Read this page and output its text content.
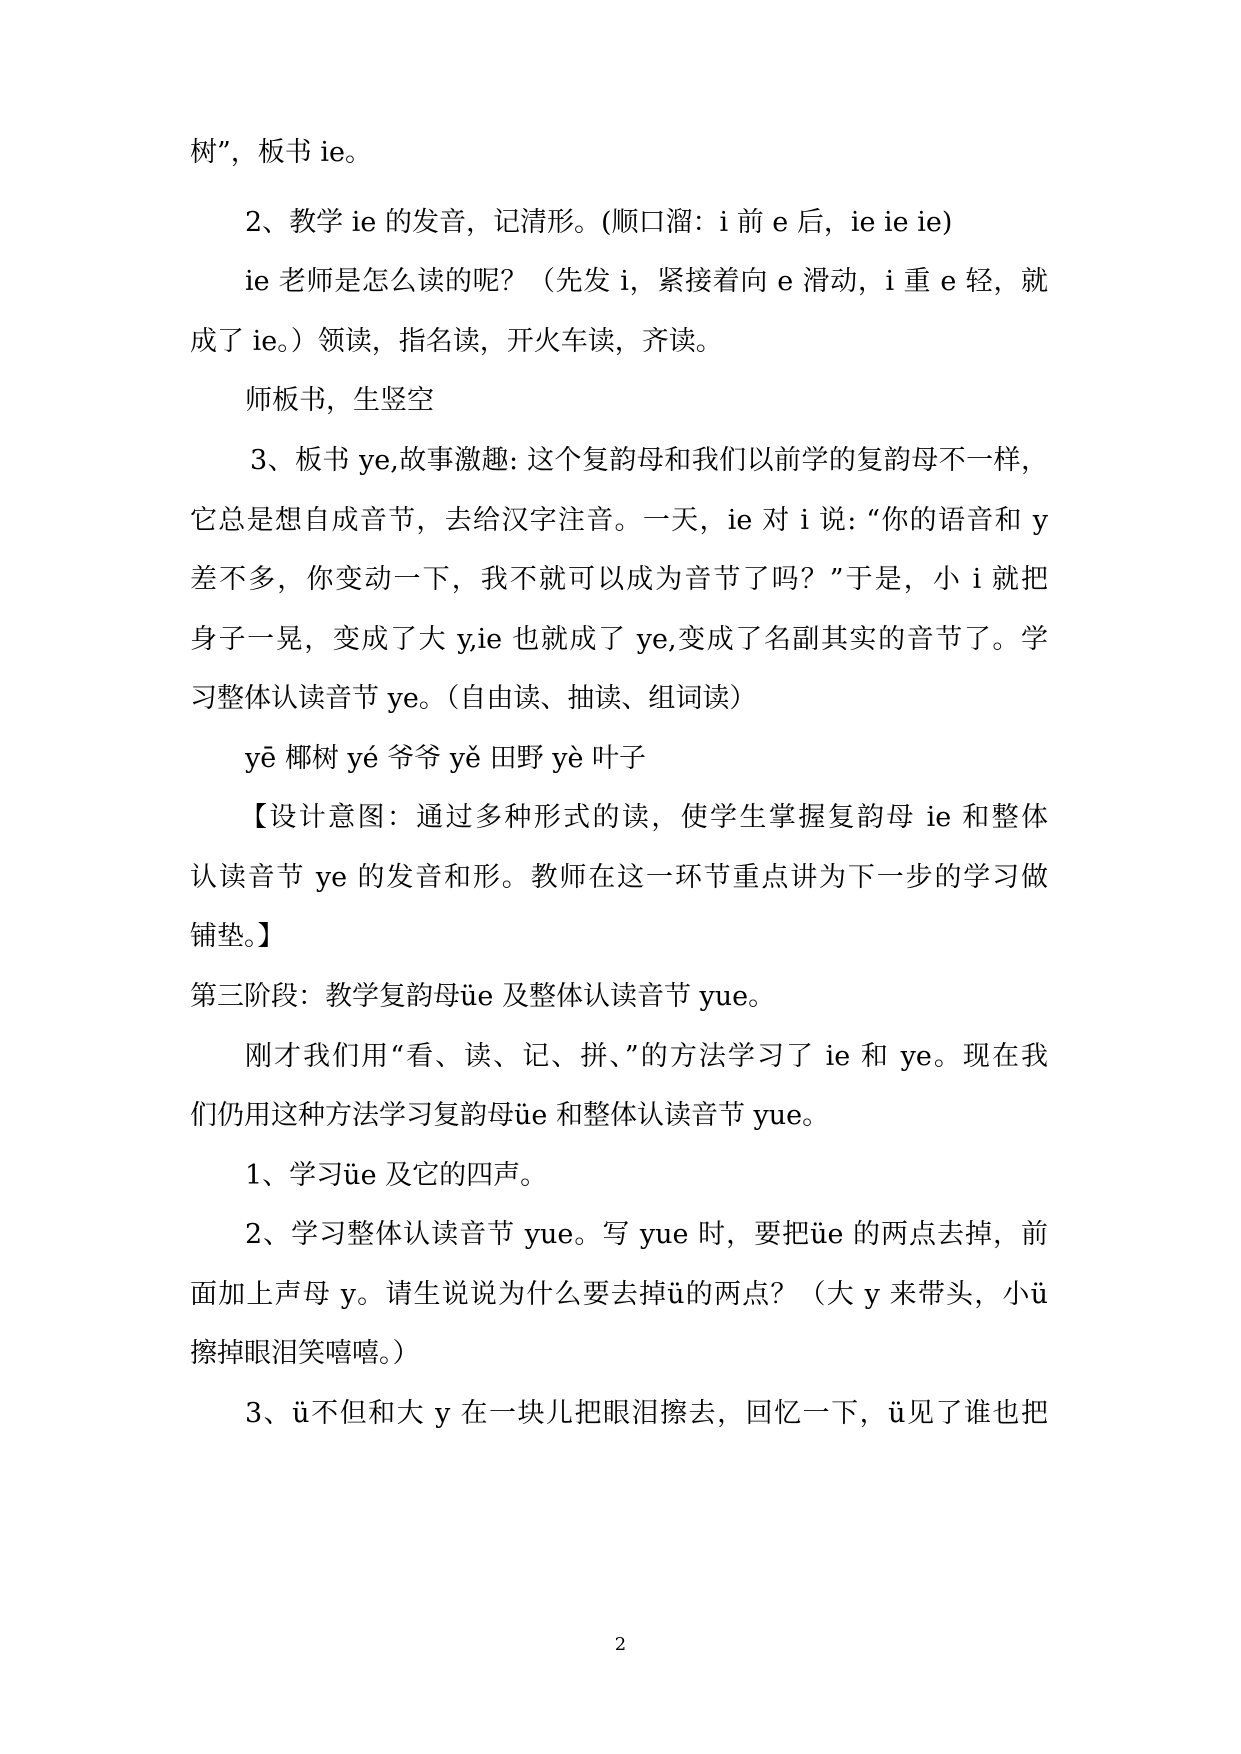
树”，板书 ie。
2、教学 ie 的发音，记清形。(顺口溜：i 前 e 后，ie ie ie)
ie 老师是怎么读的呢？（先发 i，紧接着向 e 滑动，i 重 e 轻，就
成了 ie。）领读，指名读，开火车读，齐读。
师板书，生竖空
3、板书 ye,故事激趣: 这个复韵母和我们以前学的复韵母不一样，
它总是想自成音节，去给汉字注音。一天，ie 对 i 说: “你的语音和 y
差不多，你变动一下，我不就可以成为音节了吗？”于是，小 i 就把
身子一晃，变成了大 y,ie 也就成了 ye,变成了名副其实的音节了。学
习整体认读音节 ye。（自由读、抽读、组词读）
yē 椰树 yé 爷爷 yě 田野 yè 叶子
【设计意图：通过多种形式的读，使学生掌握复韵母 ie 和整体
认读音节 ye 的发音和形。教师在这一环节重点讲为下一步的学习做
铺垫。】
第三阶段：教学复韵母üe 及整体认读音节 yue。
刚才我们用“看、读、记、拼、”的方法学习了 ie 和 ye。现在我
们仍用这种方法学习复韵母üe 和整体认读音节 yue。
1、学习üe 及它的四声。
2、学习整体认读音节 yue。写 yue 时，要把üe 的两点去掉，前
面加上声母 y。请生说说为什么要去掉ü的两点？（大 y 来带头，小ü
擦掉眼泪笑嘻嘻。）
3、ü不但和大 y 在一块儿把眼泪擦去，回忆一下，ü见了谁也把
2
